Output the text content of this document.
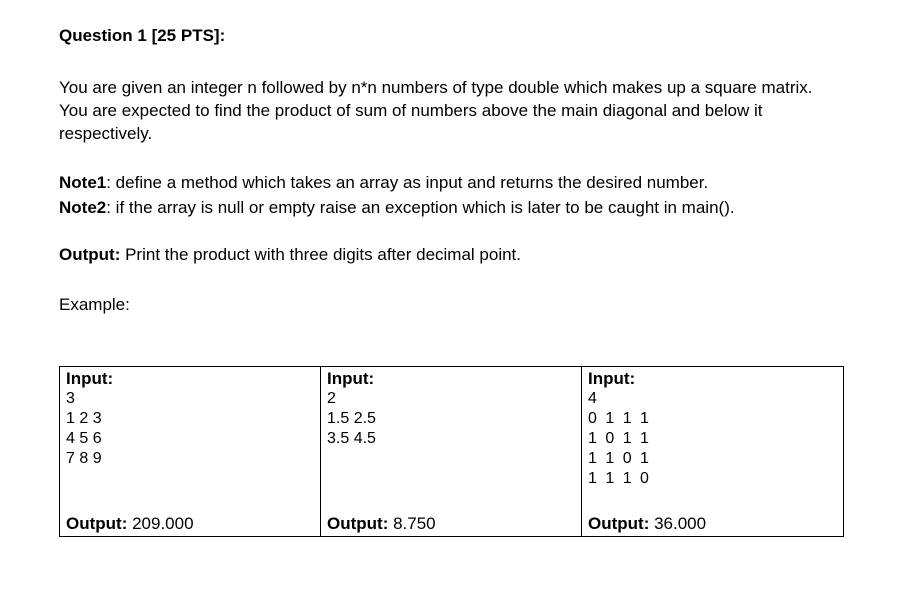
Question 1 [25 PTS]:

You are given an integer n followed by n*n numbers of type double which makes up a square matrix.

You are expected to find the product of sum of numbers above the main diagonal and below it

respectively.

Note1: define a method which takes an array as input and returns the desired number.
Note2: if the array is null or empty raise an exception which is later to be caught in main().
Output: Print the product with three digits after decimal point.
Example:
Input:
3
1 2 3
4 5 6
7 8 9
Output: 209.000

Input:
2
1.5 2.5
3.5 4.5
Output: 8.750

Input:
4
0 1 1 1
1 0 1 1
1 1 0 1
1 1 1 0
Output: 36.000
